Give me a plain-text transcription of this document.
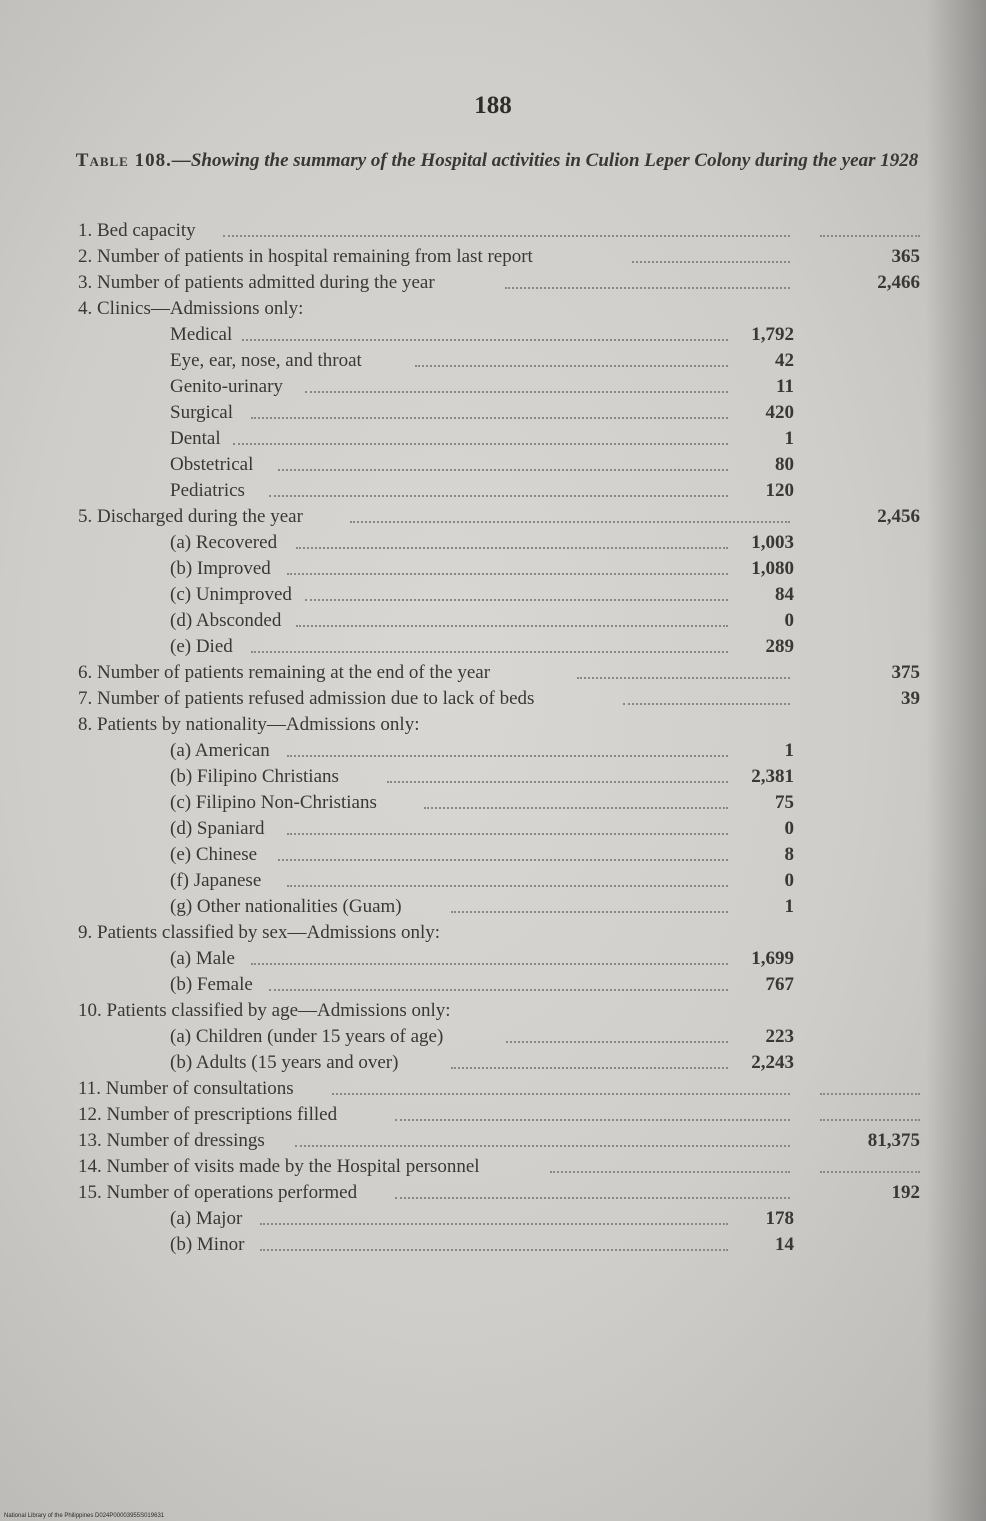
188
Table 108.—Showing the summary of the Hospital activities in Culion Leper Colony during the year 1928
1. Bed capacity
2. Number of patients in hospital remaining from last report	365
3. Number of patients admitted during the year	2,466
4. Clinics—Admissions only:
Medical	1,792
Eye, ear, nose, and throat	42
Genito-urinary	11
Surgical	420
Dental	1
Obstetrical	80
Pediatrics	120
5. Discharged during the year	2,456
(a) Recovered	1,003
(b) Improved	1,080
(c) Unimproved	84
(d) Absconded	0
(e) Died	289
6. Number of patients remaining at the end of the year	375
7. Number of patients refused admission due to lack of beds	39
8. Patients by nationality—Admissions only:
(a) American	1
(b) Filipino Christians	2,381
(c) Filipino Non-Christians	75
(d) Spaniard	0
(e) Chinese	8
(f) Japanese	0
(g) Other nationalities (Guam)	1
9. Patients classified by sex—Admissions only:
(a) Male	1,699
(b) Female	767
10. Patients classified by age—Admissions only:
(a) Children (under 15 years of age)	223
(b) Adults (15 years and over)	2,243
11. Number of consultations
12. Number of prescriptions filled
13. Number of dressings	81,375
14. Number of visits made by the Hospital personnel
15. Number of operations performed	192
(a) Major	178
(b) Minor	14
National Library of the Philippines D024P00003955S019631
